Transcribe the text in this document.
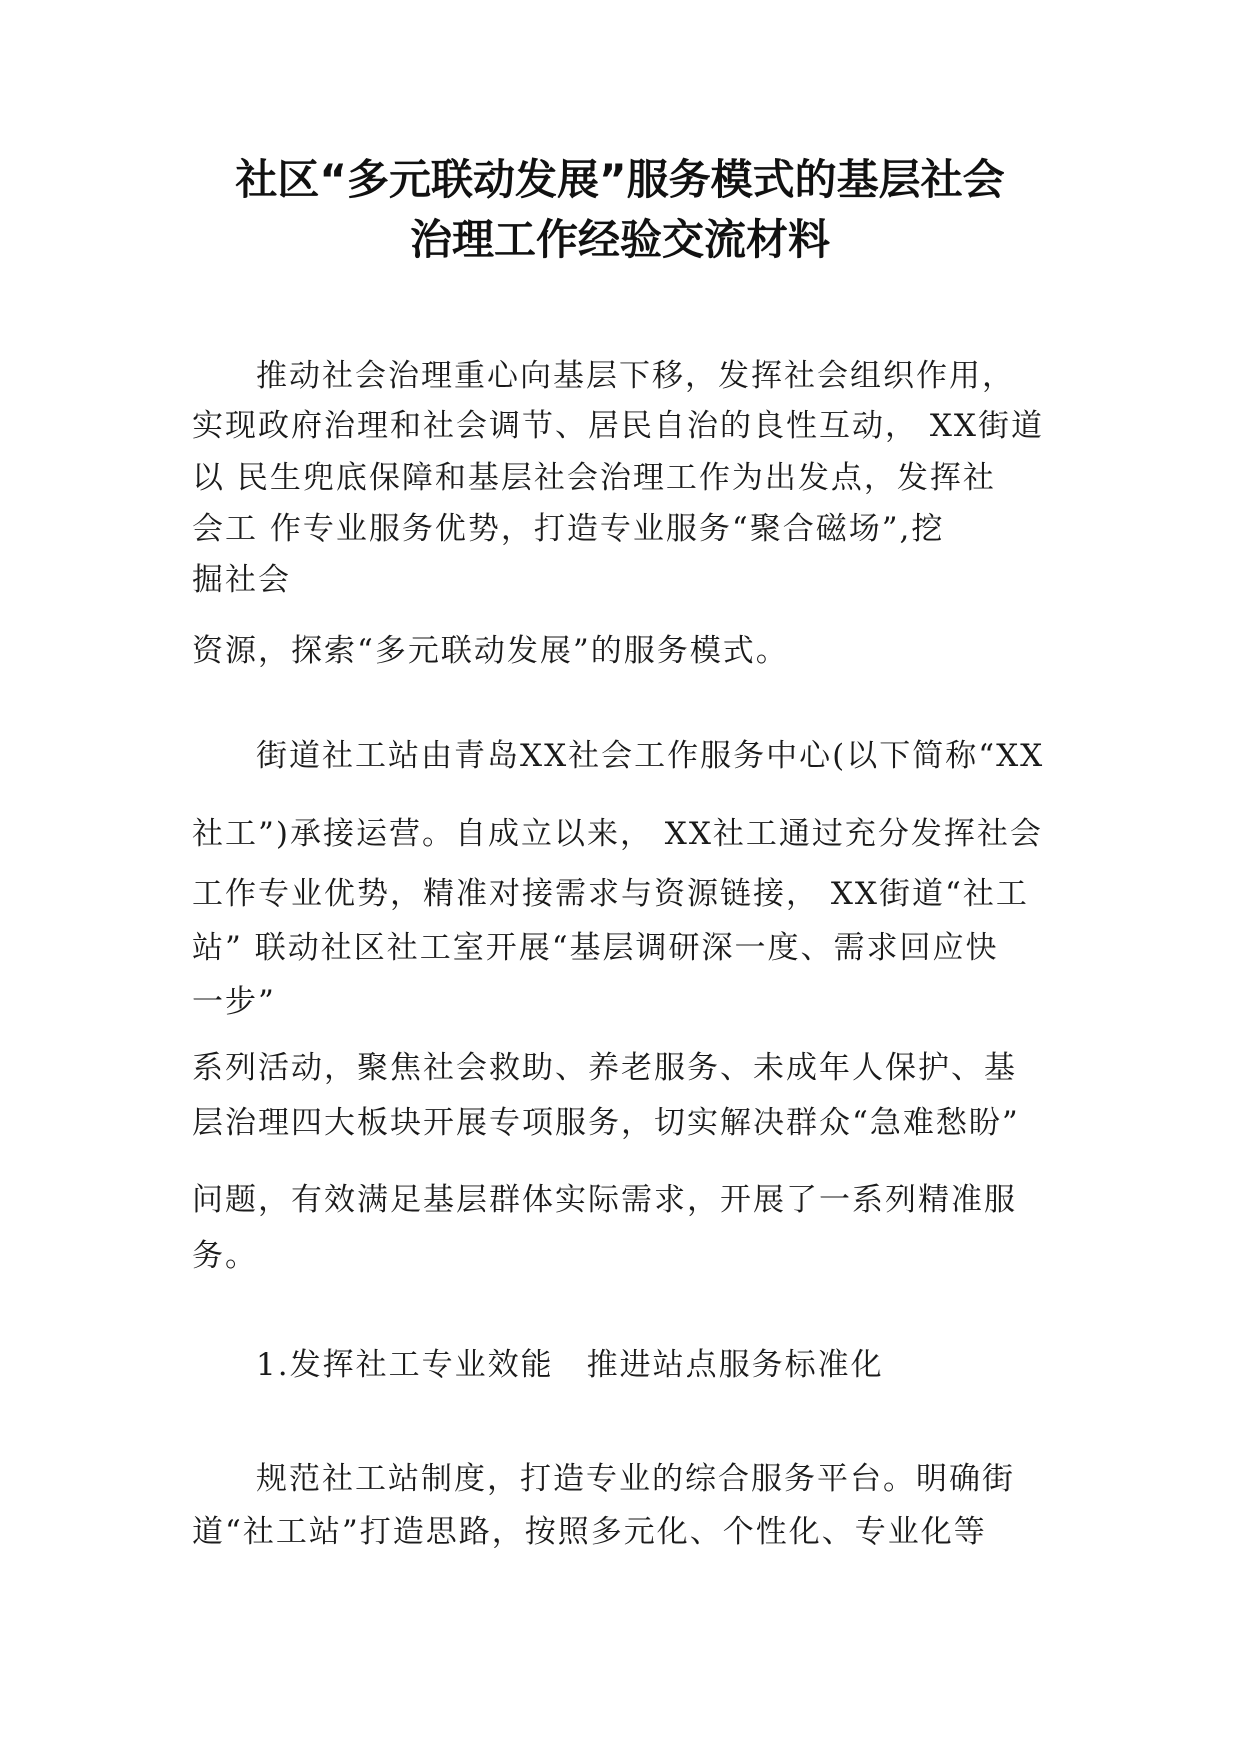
社区“多元联动发展”服务模式的基层社会
治理工作经验交流材料
推动社会治理重心向基层下移，发挥社会组织作用，
实现政府治理和社会调节、居民自治的良性互动， XX街道
以 民生兜底保障和基层社会治理工作为出发点，发挥社
会工 作专业服务优势，打造专业服务“聚合磁场”,挖
掘社会
资源，探索“多元联动发展”的服务模式。
街道社工站由青岛XX社会工作服务中心(以下简称“XX
社工”)承接运营。自成立以来， XX社工通过充分发挥社会
工作专业优势，精准对接需求与资源链接， XX街道“社工
站” 联动社区社工室开展“基层调研深一度、需求回应快
一步”
系列活动，聚焦社会救助、养老服务、未成年人保护、基
层治理四大板块开展专项服务，切实解决群众“急难愁盼”
问题，有效满足基层群体实际需求，开展了一系列精准服
务。
1.发挥社工专业效能　推进站点服务标准化
规范社工站制度，打造专业的综合服务平台。明确街
道“社工站”打造思路，按照多元化、个性化、专业化等
